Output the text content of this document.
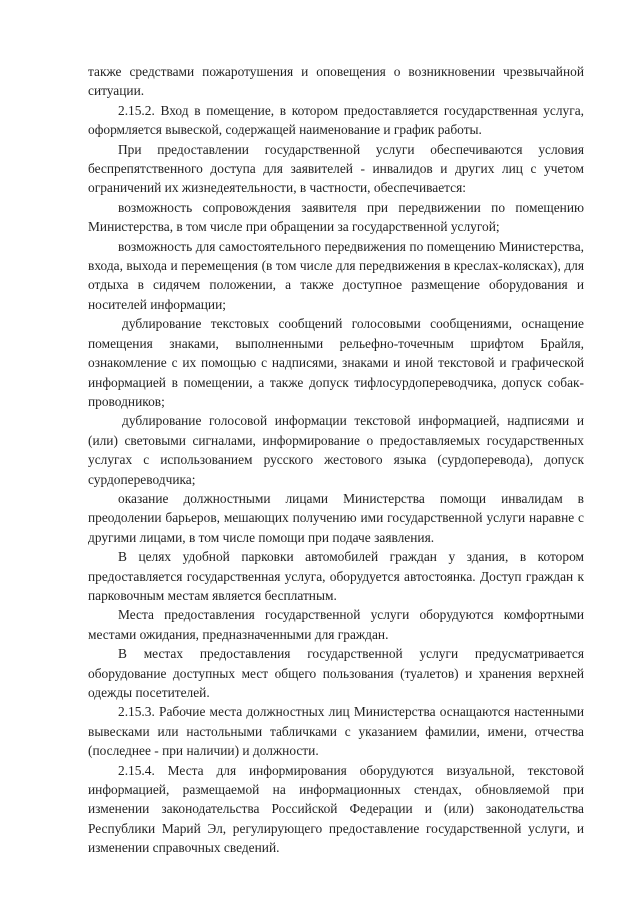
также средствами пожаротушения и оповещения о возникновении чрезвычайной ситуации.

2.15.2. Вход в помещение, в котором предоставляется государственная услуга, оформляется вывеской, содержащей наименование и график работы.

При предоставлении государственной услуги обеспечиваются условия беспрепятственного доступа для заявителей - инвалидов и других лиц с учетом ограничений их жизнедеятельности, в частности, обеспечивается:

возможность сопровождения заявителя при передвижении по помещению Министерства, в том числе при обращении за государственной услугой;

возможность для самостоятельного передвижения по помещению Министерства, входа, выхода и перемещения (в том числе для передвижения в креслах-колясках), для отдыха в сидячем положении, а также доступное размещение оборудования и носителей информации;

дублирование текстовых сообщений голосовыми сообщениями, оснащение помещения знаками, выполненными рельефно-точечным шрифтом Брайля, ознакомление с их помощью с надписями, знаками и иной текстовой и графической информацией в помещении, а также допуск тифлосурдопереводчика, допуск собак-проводников;

дублирование голосовой информации текстовой информацией, надписями и (или) световыми сигналами, информирование о предоставляемых государственных услугах с использованием русского жестового языка (сурдоперевода), допуск сурдопереводчика;

оказание должностными лицами Министерства помощи инвалидам в преодолении барьеров, мешающих получению ими государственной услуги наравне с другими лицами, в том числе помощи при подаче заявления.

В целях удобной парковки автомобилей граждан у здания, в котором предоставляется государственная услуга, оборудуется автостоянка. Доступ граждан к парковочным местам является бесплатным.

Места предоставления государственной услуги оборудуются комфортными местами ожидания, предназначенными для граждан.

В местах предоставления государственной услуги предусматривается оборудование доступных мест общего пользования (туалетов) и хранения верхней одежды посетителей.

2.15.3. Рабочие места должностных лиц Министерства оснащаются настенными вывесками или настольными табличками с указанием фамилии, имени, отчества (последнее - при наличии) и должности.

2.15.4. Места для информирования оборудуются визуальной, текстовой информацией, размещаемой на информационных стендах, обновляемой при изменении законодательства Российской Федерации и (или) законодательства Республики Марий Эл, регулирующего предоставление государственной услуги, и изменении справочных сведений.
